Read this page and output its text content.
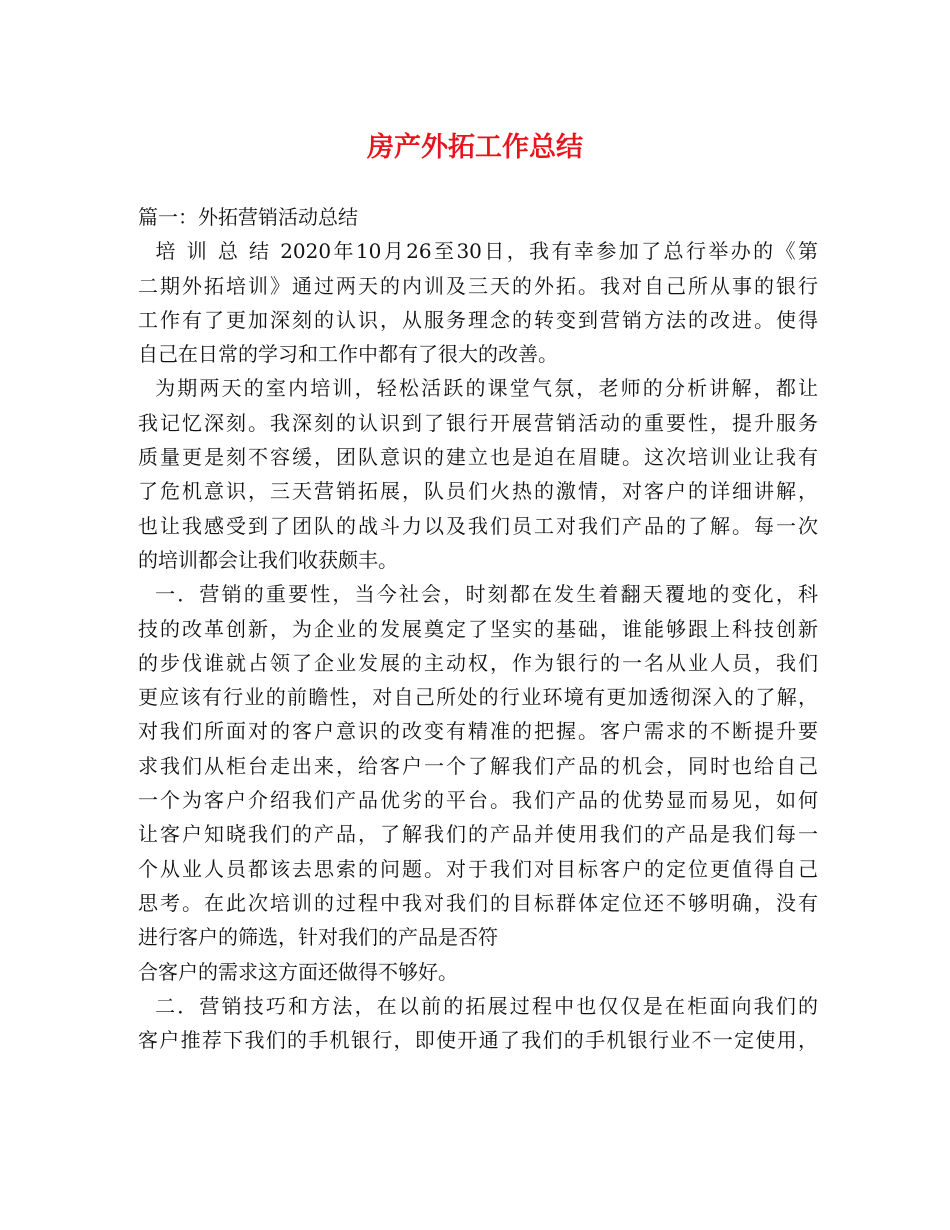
房产外拓工作总结
篇一：外拓营销活动总结
培 训 总 结 2020年10月26至30日，我有幸参加了总行举办的《第
二期外拓培训》通过两天的内训及三天的外拓。我对自己所从事的银行
工作有了更加深刻的认识，从服务理念的转变到营销方法的改进。使得
自己在日常的学习和工作中都有了很大的改善。
为期两天的室内培训，轻松活跃的课堂气氛，老师的分析讲解，都让
我记忆深刻。我深刻的认识到了银行开展营销活动的重要性，提升服务
质量更是刻不容缓，团队意识的建立也是迫在眉睫。这次培训业让我有
了危机意识，三天营销拓展，队员们火热的激情，对客户的详细讲解，
也让我感受到了团队的战斗力以及我们员工对我们产品的了解。每一次
的培训都会让我们收获颇丰。
一．营销的重要性，当今社会，时刻都在发生着翻天覆地的变化，科
技的改革创新，为企业的发展奠定了坚实的基础，谁能够跟上科技创新
的步伐谁就占领了企业发展的主动权，作为银行的一名从业人员，我们
更应该有行业的前瞻性，对自己所处的行业环境有更加透彻深入的了解，
对我们所面对的客户意识的改变有精准的把握。客户需求的不断提升要
求我们从柜台走出来，给客户一个了解我们产品的机会，同时也给自己
一个为客户介绍我们产品优劣的平台。我们产品的优势显而易见，如何
让客户知晓我们的产品，了解我们的产品并使用我们的产品是我们每一
个从业人员都该去思索的问题。对于我们对目标客户的定位更值得自己
思考。在此次培训的过程中我对我们的目标群体定位还不够明确，没有
进行客户的筛选，针对我们的产品是否符
合客户的需求这方面还做得不够好。
二．营销技巧和方法，在以前的拓展过程中也仅仅是在柜面向我们的
客户推荐下我们的手机银行，即使开通了我们的手机银行业不一定使用，
